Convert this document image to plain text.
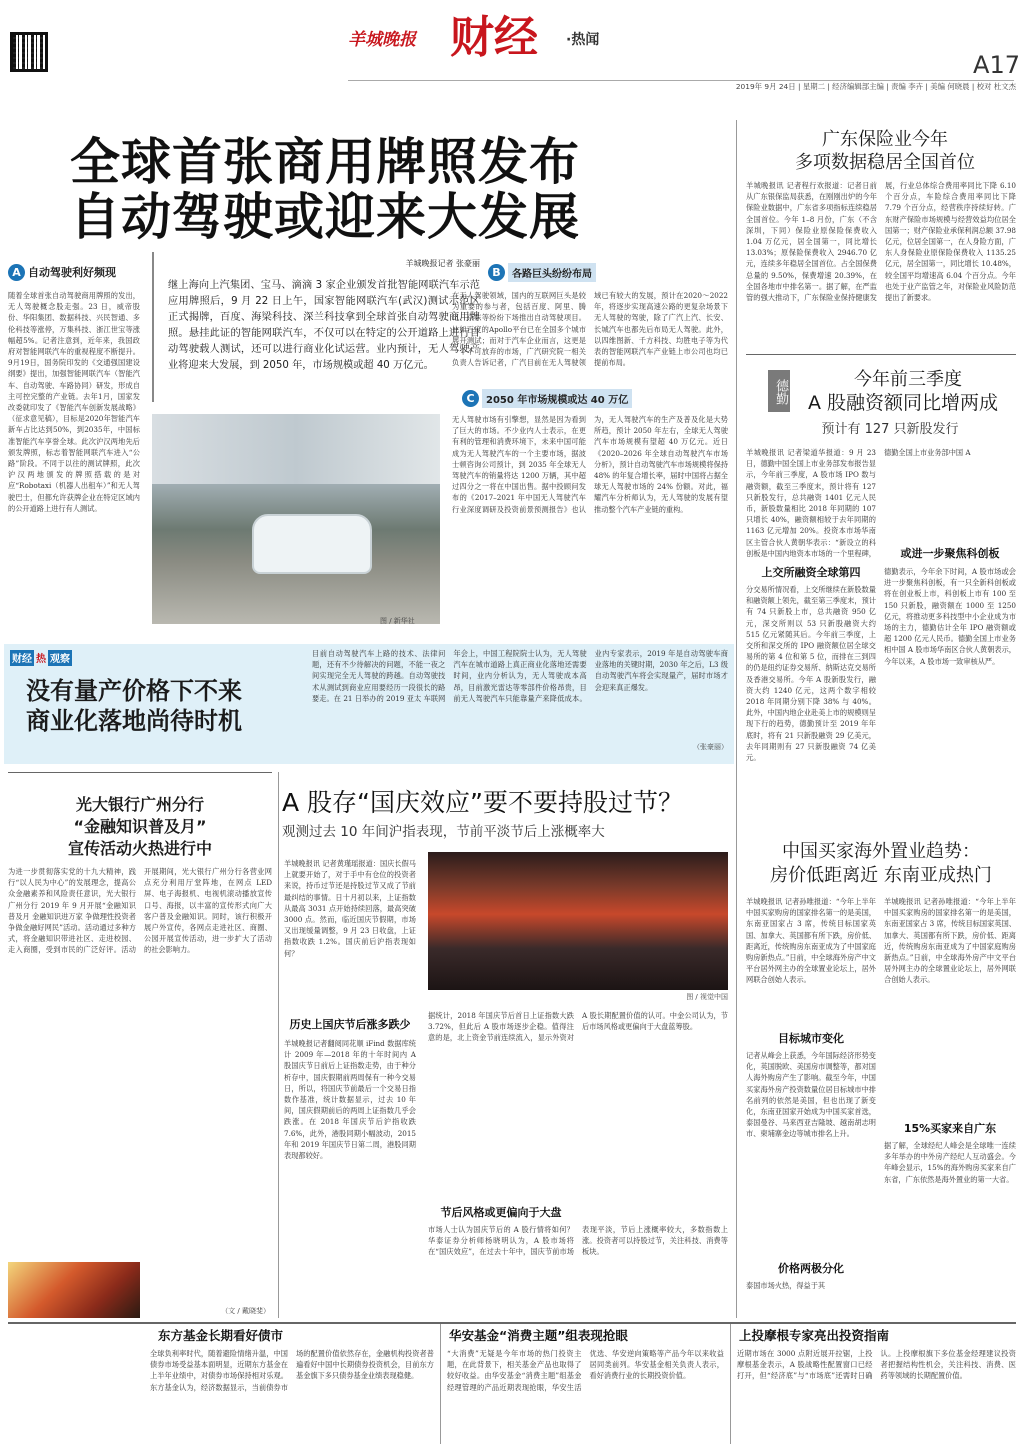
羊城晚报 财经	·热闻
A17
2019年 9月 24日 | 星期二 | 经济编辑部主编 | 责编 李卉 | 美编 何晓晨 | 校对 杜文杰
全球首张商用牌照发布
自动驾驶或迎来大发展
广东保险业今年
多项数据稳居全国首位
羊城晚报讯 记者程行欢报道：记者日前从广东银保监局获悉，在刚刚出炉的今年保险业数据中，广东省多项指标连续稳居全国首位。今年 1–8 月份，广东（不含深圳，下同）保险业原保险保费收入 1.04 万亿元，居全国第一，同比增长 13.03%；原保险保费收入 2946.70 亿元，连续多年稳居全国首位。占全国保费总量的 9.50%，保费增速 20.39%，在全国各地市中排名第一。据了解，在严监管的强大推动下，广东保险业保持健康发展，行业总体综合费用率同比下降 6.10 个百分点，车险综合费用率同比下降 7.79 个百分点，经营秩序持续好转。广东财产保险市场规模与经营效益均位居全国第一；财产保险业承保利润总额 37.98 亿元，位居全国第一，在人身险方面，广东人身保险业原保险保费收入 1135.25 亿元，居全国第一，同比增长 10.48%，较全国平均增速高 6.04 个百分点。今年也处于业产监管之年，对保险业风险防范提出了新要求。
德勤	今年前三季度
A 股融资额同比增两成
预计有 127 只新股发行
羊城晚报讯 记者梁道华报道：9 月 23 日，德勤中国全国上市业务部发布报告显示，今年前三季度，A 股市场 IPO 数与融资额，截至三季度末，预计将有 127 只新股发行，总共融资 1401 亿元人民币，新股数量相比 2018 年同期的 107 只增长 40%，融资额相较于去年同期的 1163 亿元增加 20%。投资本市场华南区主管合伙人黄朝华表示：“新设立的科创板是中国内地资本市场的一个里程碑，
德勤全国上市业务部中国 A
上交所融资全球第四
分交易所情况看，上交所继续在新股数量和融资额上领先，截至第三季度末，预计有 74 只新股上市，总共融资 950 亿元，深交所则以 53 只新股融资大约 515 亿元紧随其后。今年前三季度，上交所和深交所的 IPO 融资额位居全球交易所的第 4 位和第 5 位，而排在三到四的仍是纽约证券交易所、纳斯达克交易所及香港交易所。今年 A 股新股发行，融资大约 1240 亿元，这两个数字相较 2018 年同期分别下降 38% 与 40%。此外，中国内地企业赴美上市的规模则呈现下行的趋势，德勤预计至 2019 年年底时，将有 21 只新股融资 29 亿美元，去年同期则有 27 只新股融资 74 亿美元。
或进一步聚焦科创板
德勤表示，今年余下时间，A 股市场或会进一步聚焦科创板，有一只全新科创板或将在创业板上市，科创板上市有 100 至 150 只新股，融资额在 1000 至 1250 亿元，将推动更多科技型中小企业成为市场的主力，德勤估计全年 IPO 融资额或超 1200 亿元人民币。德勤全国上市业务相中国 A 股市场华南区合伙人黄朝表示，今年以来，A 股市场一致审核从严。
A 自动驾驶利好频现
随着全球首张自动驾驶商用牌照的发出，无人驾驶概念股走强。23 日，威帝股份、华阳集团、数据科技、兴民智通、多伦科技等涨停，万集科技、浙江世宝等涨幅超5%。记者注意到，近年来，我国政府对智能网联汽车的重视程度不断提升。9月19日，国务院印发的《交通强国建设纲要》提出，加强智能网联汽车（智能汽车、自动驾驶、车路协同）研发，形成自主可控完整的产业链。去年1月，国家发改委就印发了《智能汽车创新发展战略》（征求意见稿），目标是2020年智能汽车新车占比达到50%，到2035年，中国标准智能汽车享誉全球。此次沪汉两地先后颁发牌照，标志着智能网联汽车进入“公路”阶段。不同于以往的测试牌照，此次沪汉两地颁发的牌照搭载的是对应“Robotaxi（机器人出租车）”和无人驾驶巴士，但都允许获牌企业在特定区域内的公开道路上进行有人测试。
羊城晚报记者 张豪丽
继上海向上汽集团、宝马、滴滴 3 家企业颁发首批智能网联汽车示范应用牌照后，9 月 22 日上午，国家智能网联汽车(武汉)测试示范区正式揭牌，百度、海梁科技、深兰科技拿到全球首张自动驾驶商用牌照。悬挂此证的智能网联汽车，不仅可以在特定的公开道路上进行自动驾驶载人测试，还可以进行商业化试运营。业内预计，无人驾驶产业将迎来大发展，到 2050 年，市场规模或超 40 万亿元。
图 / 新华社
B	各路巨头纷纷布局
在无人驾驶领域，国内的互联网巨头是较为重要的参与者，包括百度、阿里、腾讯、京东等纷纷下场推出自动驾驶项目。比如百度的Apollo平台已在全国多个城市展开测试；而对于汽车企业而言，这更是一个不可放弃的市场，广汽研究院一相关负责人告诉记者，广汽目前在无人驾驶领域已有较大的发展，预计在2020～2022年，将逐步实现高速公路的更复杂场景下无人驾驶的驾驶，除了广汽上汽、长安、长城汽车也都先后布局无人驾驶。此外，以四维图新、千方科技、均胜电子等为代表的智能网联汽车产业链上市公司也均已提前布局。
C	2050 年市场规模或达 40 万亿
无人驾驶市场有引擎想，显然是因为看到了巨大的市场。不少业内人士表示，在更有利的管理和消费环境下，未来中国可能成为无人驾驶汽车的一个主要市场，据波士顿咨询公司预计，到 2035 年全球无人驾驶汽车的销量将达 1200 万辆，其中超过四分之一将在中国出售。据中投顾问发布的《2017–2021 年中国无人驾驶汽车行业深度调研及投资前景预测报告》也认为，无人驾驶汽车的生产及普及化是大势所趋，预计 2050 年左右，全球无人驾驶汽车市场规模有望超 40 万亿元。近日《2020–2026 年全球自动驾驶汽车市场分析》，预计自动驾驶汽车市场规模将保持 48% 的年复合增长率，届时中国将占据全球无人驾驶市场的 24% 份额。对此，福耀汽车分析师认为，无人驾驶的发展有望推动整个汽车产业链的重构。
财经 热 观察
没有量产价格下不来
商业化落地尚待时机
目前自动驾驶汽车上路的技术、法律问题，还有不少待解决的问题，不能一夜之间实现完全无人驾驶的跨越。自动驾驶技术从测试到商业应用要经历一段很长的路要走。在 21 日举办的 2019 亚太 车联网年会上，中国工程院院士认为，无人驾驶汽车在城市道路上真正商业化落地还需要时间，业内分析认为，无人驾驶成本高昂，目前激光雷达等零部件价格昂贵，目前无人驾驶汽车只能靠量产来降低成本。业内专家表示，2019 年是自动驾驶车商业落地的关键时期，2030 年之后，L3 级自动驾驶汽车将会实现量产，届时市场才会迎来真正爆发。
（张豪丽）
光大银行广州分行
“金融知识普及月”
宣传活动火热进行中
为进一步贯彻落实党的十九大精神，践行“以人民为中心”的发展理念，提高公众金融素养和风险责任意识，光大银行广州分行 2019 年 9 月开展“金融知识普及月 金融知识进万家 争做理性投资者 争做金融好网民”活动。活动通过多种方式，将金融知识带进社区、走进校园、走入商圈，受到市民的广泛好评。活动开展期间，光大银行广州分行各营业网点充分利用厅堂阵地，在网点 LED 屏、电子海报机、电视机滚动播放宣传口号、海报，以丰富的宣传形式向广大客户普及金融知识。同时，该行积极开展户外宣传，各网点走进社区、商圈、公园开展宣传活动，进一步扩大了活动的社会影响力。
（文 / 戴晓斐）
A 股存“国庆效应”要不要持股过节？
观测过去 10 年间沪指表现，节前平淡节后上涨概率大
羊城晚报讯 记者黄瑾瑶报道：国庆长假马上就要开始了，对于手中有仓位的投资者来说，持币过节还是持股过节又成了节前最纠结的事情。日十月初以来，上证指数从最高 3031 点开始持续回落，最高突破 3000 点。然而，临近国庆节假期，市场又出现缓量调整，9 月 23 日收盘，上证指数收跌 1.2%。国庆前后沪指表现如何？
图 / 视觉中国
历史上国庆节后涨多跌少
羊城晚报记者翻阅同花顺 iFind 数据库统计 2009 年—2018 年的十年时间内 A 股国庆节日前后上证指数走势，由于种分析存中，国庆假期前两周保有一种今交易日，所以，将国庆节前最后一个交易日指数作基准，统计数据显示，过去 10 年间，国庆假期前后的两周上证指数几乎会跌涨。在 2018 年国庆节后沪指收跌 7.6%，此外，港股同期小幅波动，2015 年和 2019 年国庆节日第二周，港股同期表现都较好。
据统计，2018 年国庆节后首日上证指数大跌 3.72%，但此后 A 股市场逐步企稳。值得注意的是，北上资金节前连续流入，显示外资对 A 股长期配置价值的认可。中金公司认为，节后市场风格或更偏向于大盘蓝筹股。
节后风格或更偏向于大盘
市场人士认为国庆节后的 A 股行情将如何？华泰证券分析师杨晓明认为，A 股市场将在“国庆效应”，在过去十年中，国庆节前市场表现平淡，节后上涨概率较大，多数指数上涨。投资者可以持股过节，关注科技、消费等板块。
中国买家海外置业趋势：
房价低距离近 东南亚成热门
羊城晚报讯 记者孙唯报道：“今年上半年中国买家购房的国家排名第一的是美国，东南亚国家占 3 席，传统目标国家英国、加拿大、英国都有所下跌，房价低、距离近，传统购房东南亚成为了中国家庭购房新热点。”日前，中全球海外房产中文平台居外网主办的全球置业论坛上，居外网联合创始人表示。
目标城市变化
记者从峰会上获悉，今年国际经济形势变化，英国脱欧、美国房市调整等，都对国人海外购房产生了影响。截至今年，中国买家海外房产投资数量位居目标城市中排名前列的依然是美国，但也出现了新变化，东南亚国家开始成为中国买家首选，泰国曼谷、马来西亚吉隆坡、越南胡志明市、柬埔寨金边等城市排名上升。
价格两极分化
泰国市场火热，得益于其
羊城晚报讯 记者孙唯报道：“今年上半年中国买家购房的国家排名第一的是美国，东南亚国家占 3 席，传统目标国家英国、加拿大、英国都有所下跌，房价低、距离近，传统购房东南亚成为了中国家庭购房新热点。”日前，中全球海外房产中文平台居外网主办的全球置业论坛上，居外网联合创始人表示。
15%买家来自广东
据了解，全球经纪人峰会是全球唯一连续多年举办的中外房产经纪人互动盛会。今年峰会显示，15%的海外购房买家来自广东省，广东依然是海外置业的第一大省。
东方基金长期看好债市
全球负利率时代，随着避险情绪升温，中国债券市场受益基本面明显，近期东方基金在上半年业绩中，对债券市场保持相对乐观。东方基金认为，经济数据显示，当前债券市场的配置价值依然存在，金融机构投资者普遍看好中国中长期债券投资机会，目前东方基金旗下多只债券基金业绩表现稳健。
华安基金“消费主题”组表现抢眼
“大消费”无疑是今年市场的热门投资主题，在此背景下，相关基金产品也取得了较好收益。由华安基金“消费主题”组基金经理管理的产品近期表现抢眼，华安生活优选、华安逆向策略等产品今年以来收益居同类前列。华安基金相关负责人表示，看好消费行业的长期投资价值。
上投摩根专家亮出投资指南
近期市场在 3000 点附近展开拉锯，上投摩根基金表示，A 股战略性配置窗口已经打开，但“经济底”与“市场底”还需时日确认。上投摩根旗下多位基金经理建议投资者把握结构性机会，关注科技、消费、医药等领域的长期配置价值。
